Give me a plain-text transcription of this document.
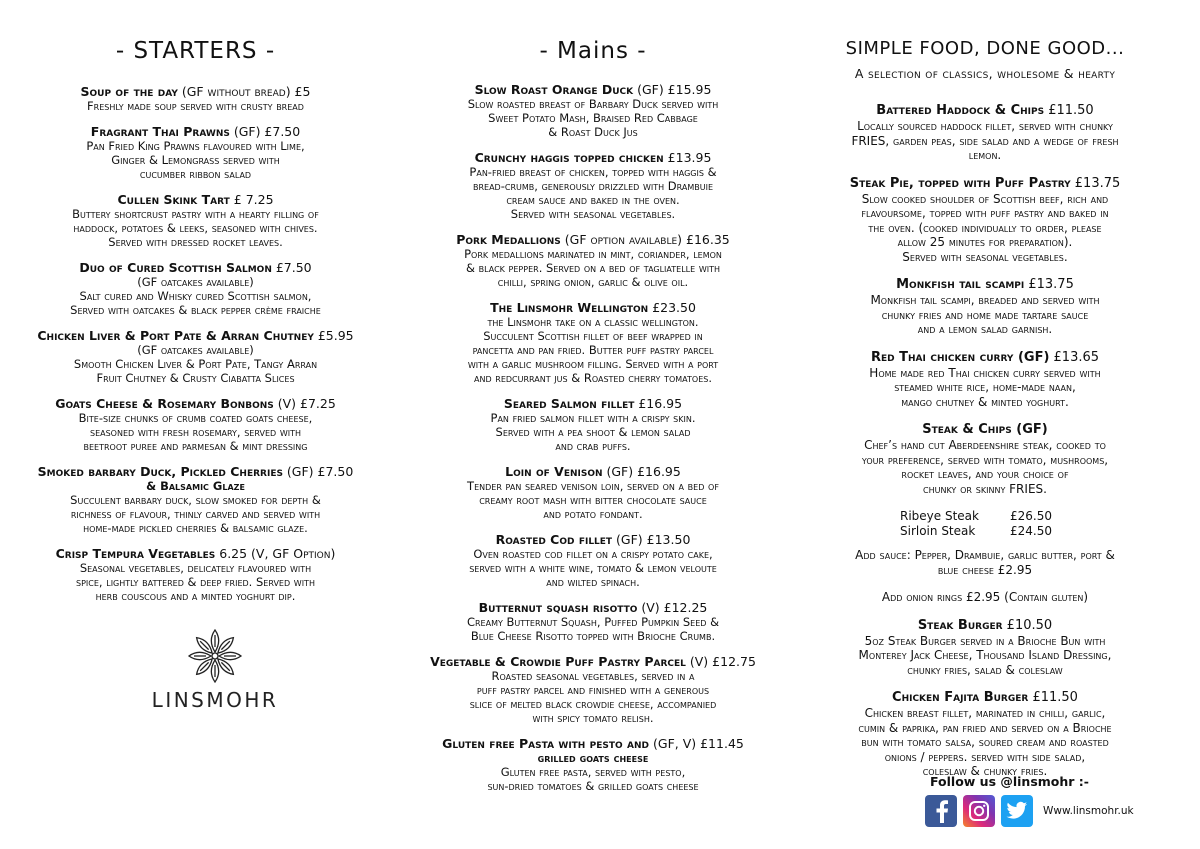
- STARTERS -
Soup of the day (GF without bread) £5
Freshly made soup served with crusty bread
Fragrant Thai Prawns (GF) £7.50
Pan Fried King Prawns flavoured with Lime,
Ginger & Lemongrass served with
cucumber ribbon salad
Cullen Skink Tart £ 7.25
Buttery shortcrust pastry with a hearty filling of
haddock, potatoes & leeks, seasoned with chives.
Served with dressed rocket leaves.
Duo of Cured Scottish Salmon £7.50
(GF oatcakes available)
Salt cured and Whisky cured Scottish salmon,
Served with oatcakes & black pepper crème fraiche
Chicken Liver & Port Pate & Arran Chutney £5.95
(GF oatcakes available)
Smooth Chicken Liver & Port Pate, Tangy Arran
Fruit Chutney & Crusty Ciabatta Slices
Goats Cheese & Rosemary Bonbons (V) £7.25
Bite-size chunks of crumb coated goats cheese,
seasoned with fresh rosemary, served with
beetroot puree and parmesan & mint dressing
Smoked barbary Duck, Pickled Cherries (GF) £7.50
& Balsamic Glaze
Succulent barbary duck, slow smoked for depth &
richness of flavour, thinly carved and served with
home-made pickled cherries & balsamic glaze.
Crisp Tempura Vegetables 6.25 (V, GF Option)
Seasonal vegetables, delicately flavoured with
spice, lightly battered & deep fried. Served with
herb couscous and a minted yoghurt dip.
LINSMOHR
- Mains -
Slow Roast Orange Duck (GF) £15.95
Slow roasted breast of Barbary Duck served with
Sweet Potato Mash, Braised Red Cabbage
& Roast Duck Jus
Crunchy haggis topped chicken £13.95
Pan-fried breast of chicken, topped with haggis &
bread-crumb, generously drizzled with Drambuie
cream sauce and baked in the oven.
Served with seasonal vegetables.
Pork Medallions (GF option available) £16.35
Pork medallions marinated in mint, coriander, lemon
& black pepper. Served on a bed of tagliatelle with
chilli, spring onion, garlic & olive oil.
The Linsmohr Wellington £23.50
the Linsmohr take on a classic wellington.
Succulent Scottish fillet of beef wrapped in
pancetta and pan fried. Butter puff pastry parcel
with a garlic mushroom filling. Served with a port
and redcurrant jus & Roasted cherry tomatoes.
Seared Salmon fillet £16.95
Pan fried salmon fillet with a crispy skin.
Served with a pea shoot & lemon salad
and crab puffs.
Loin of Venison (GF) £16.95
Tender pan seared venison loin, served on a bed of
creamy root mash with bitter chocolate sauce
and potato fondant.
Roasted Cod fillet (GF) £13.50
Oven roasted cod fillet on a crispy potato cake,
served with a white wine, tomato & lemon veloute
and wilted spinach.
Butternut squash risotto (V) £12.25
Creamy Butternut Squash, Puffed Pumpkin Seed &
Blue Cheese Risotto topped with Brioche Crumb.
Vegetable & Crowdie Puff Pastry Parcel (V) £12.75
Roasted seasonal vegetables, served in a
puff pastry parcel and finished with a generous
slice of melted black crowdie cheese, accompanied
with spicy tomato relish.
Gluten free Pasta with pesto and (GF, V) £11.45
grilled goats cheese
Gluten free pasta, served with pesto,
sun-dried tomatoes & grilled goats cheese
SIMPLE FOOD, DONE GOOD...
A selection of classics, wholesome & hearty
Battered Haddock & Chips £11.50
Locally sourced haddock fillet, served with chunky
FRIES, garden peas, side salad and a wedge of fresh
lemon.
Steak Pie, topped with Puff Pastry £13.75
Slow cooked shoulder of Scottish beef, rich and
flavoursome, topped with puff pastry and baked in
the oven. (cooked individually to order, please
allow 25 minutes for preparation).
Served with seasonal vegetables.
Monkfish tail scampi £13.75
Monkfish tail scampi, breaded and served with
chunky fries and home made tartare sauce
and a lemon salad garnish.
Red Thai chicken curry (GF) £13.65
Home made red Thai chicken curry served with
steamed white rice, home-made naan,
mango chutney & minted yoghurt.
Steak & Chips (GF)
Chef’s hand cut Aberdeenshire steak, cooked to
your preference, served with tomato, mushrooms,
rocket leaves, and your choice of
chunky or skinny FRIES.
Ribeye Steak	£26.50
Sirloin Steak	£24.50
Add sauce: Pepper, Drambuie, garlic butter, port &
blue cheese £2.95
Add onion rings £2.95 (Contain gluten)
Steak Burger £10.50
5oz Steak Burger served in a Brioche Bun with
Monterey Jack Cheese, Thousand Island Dressing,
chunky fries, salad & coleslaw
Chicken Fajita Burger £11.50
Chicken breast fillet, marinated in chilli, garlic,
cumin & paprika, pan fried and served on a Brioche
bun with tomato salsa, soured cream and roasted
onions / peppers. served with side salad,
coleslaw & chunky fries.
Follow us @linsmohr :-
Www.linsmohr.uk
